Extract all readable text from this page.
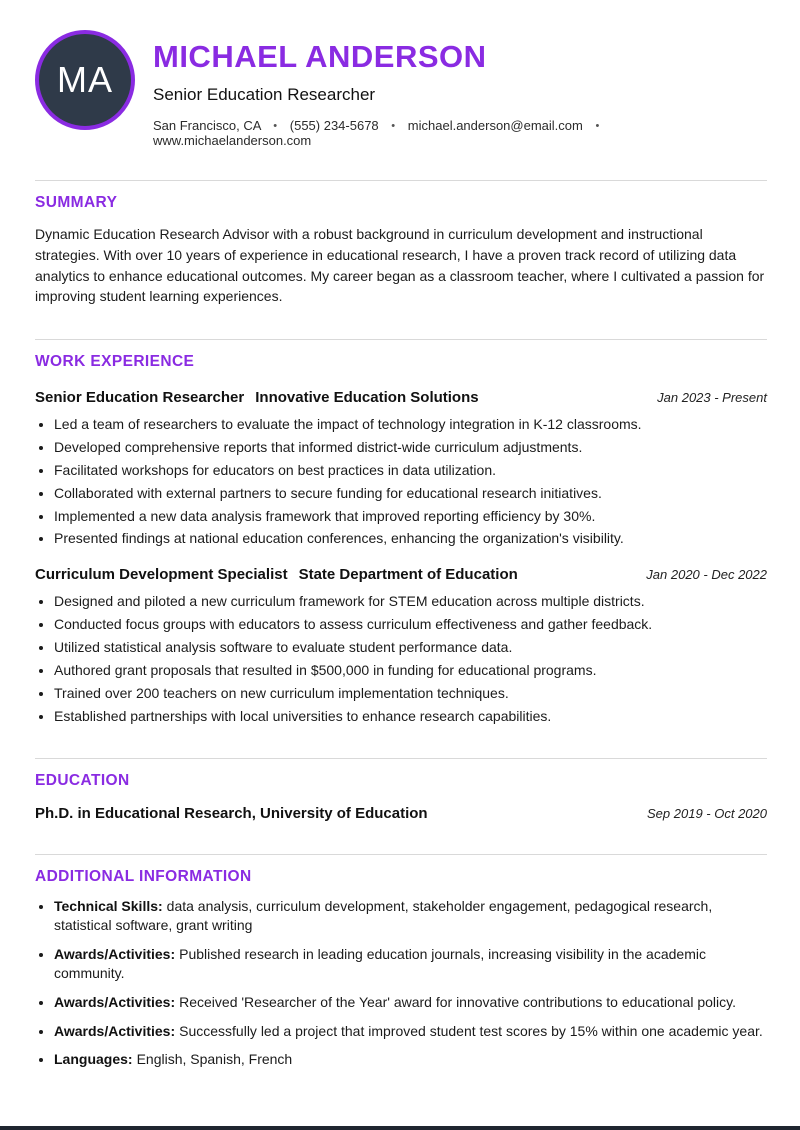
MA
MICHAEL ANDERSON
Senior Education Researcher
San Francisco, CA • (555) 234-5678 • michael.anderson@email.com • www.michaelanderson.com
SUMMARY

Dynamic Education Research Advisor with a robust background in curriculum development and instructional strategies. With over 10 years of experience in educational research, I have a proven track record of utilizing data analytics to enhance educational outcomes. My career began as a classroom teacher, where I cultivated a passion for improving student learning experiences.

WORK EXPERIENCE
Senior Education Researcher Innovative Education Solutions	Jan 2023 - Present
• Led a team of researchers to evaluate the impact of technology integration in K-12 classrooms.
• Developed comprehensive reports that informed district-wide curriculum adjustments.
• Facilitated workshops for educators on best practices in data utilization.
• Collaborated with external partners to secure funding for educational research initiatives.
• Implemented a new data analysis framework that improved reporting efficiency by 30%.
• Presented findings at national education conferences, enhancing the organization's visibility.
Curriculum Development Specialist State Department of Education	Jan 2020 - Dec 2022
• Designed and piloted a new curriculum framework for STEM education across multiple districts.
• Conducted focus groups with educators to assess curriculum effectiveness and gather feedback.
• Utilized statistical analysis software to evaluate student performance data.
• Authored grant proposals that resulted in $500,000 in funding for educational programs.
• Trained over 200 teachers on new curriculum implementation techniques.
• Established partnerships with local universities to enhance research capabilities.
EDUCATION
Ph.D. in Educational Research, University of Education	Sep 2019 - Oct 2020
ADDITIONAL INFORMATION
• Technical Skills: data analysis, curriculum development, stakeholder engagement, pedagogical research, statistical software, grant writing
• Awards/Activities: Published research in leading education journals, increasing visibility in the academic community.
• Awards/Activities: Received 'Researcher of the Year' award for innovative contributions to educational policy.
• Awards/Activities: Successfully led a project that improved student test scores by 15% within one academic year.
• Languages: English, Spanish, French
